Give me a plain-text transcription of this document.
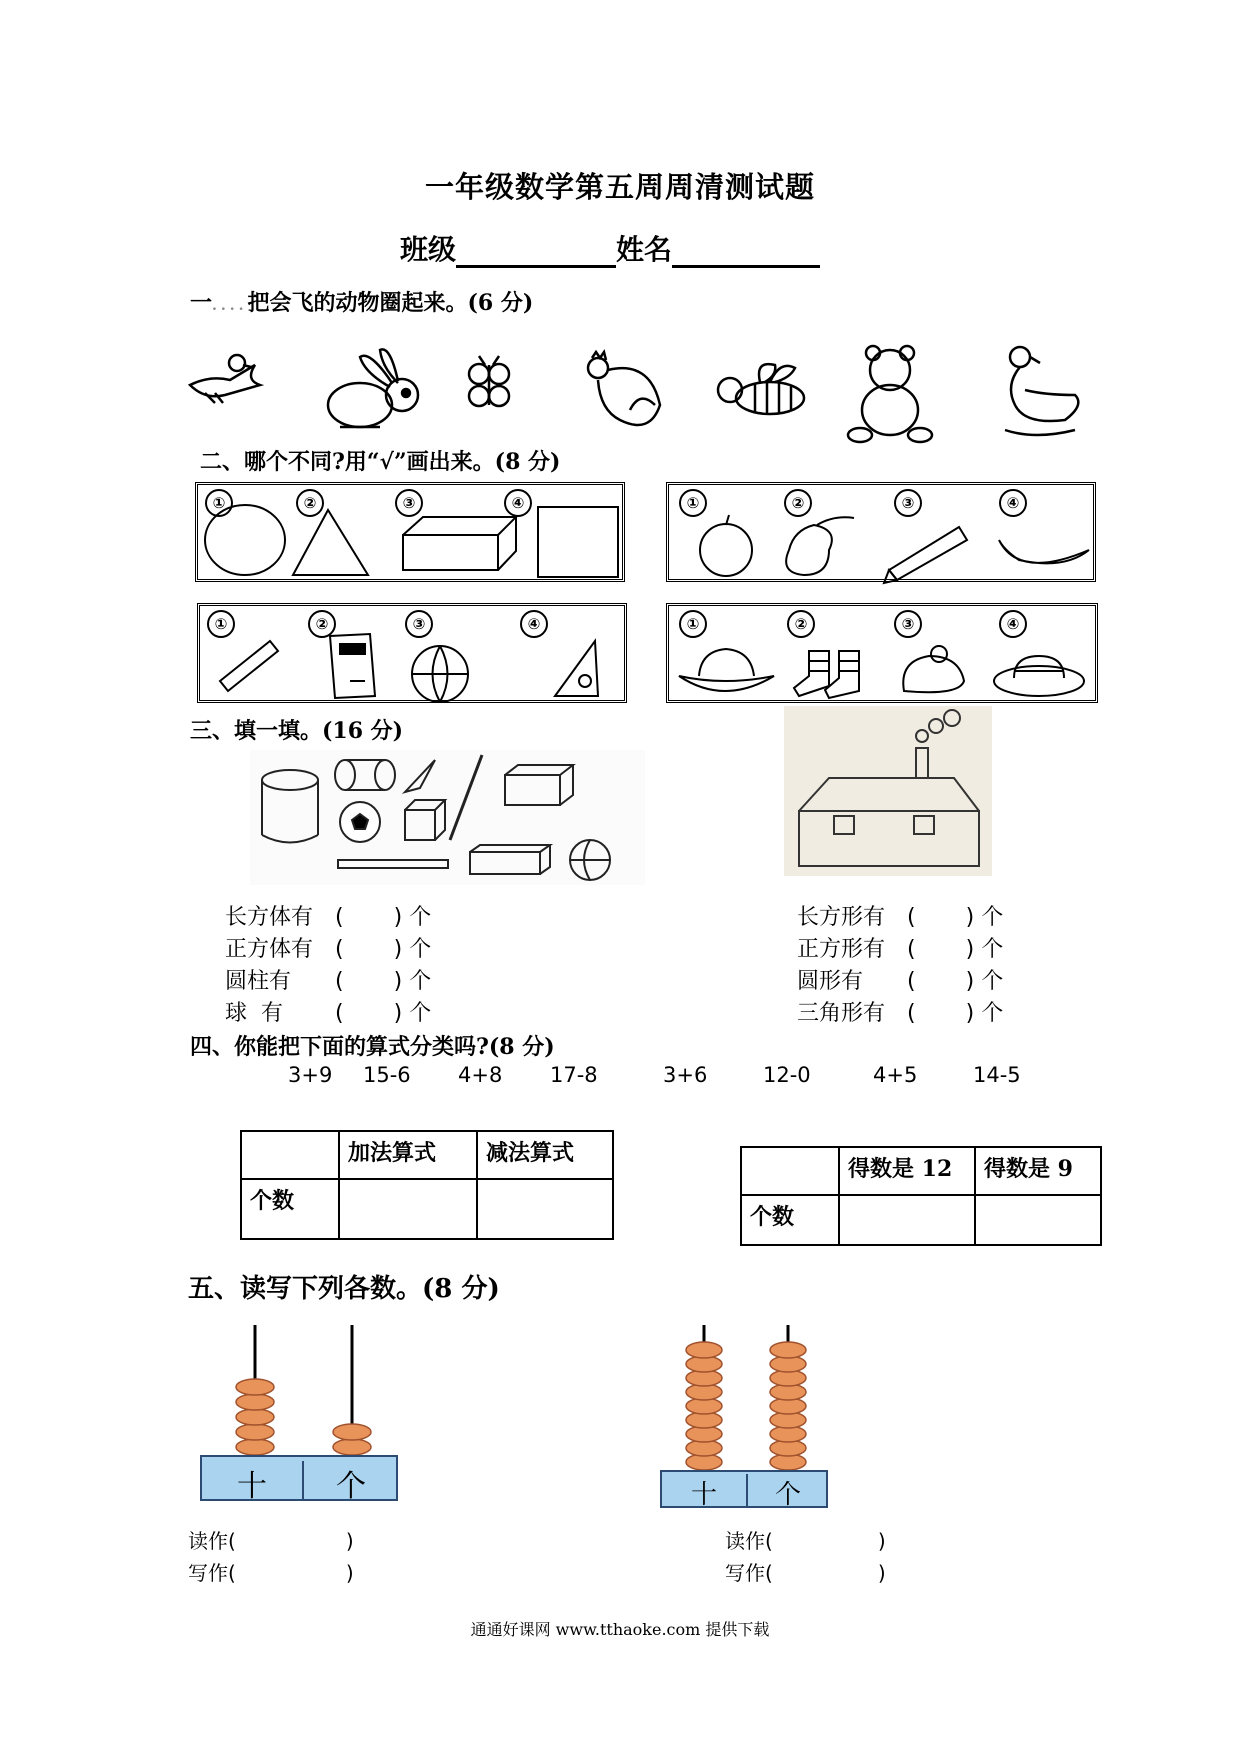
一年级数学第五周周清测试题
班级	姓名
一....把会飞的动物圈起来。(6 分)
二、哪个不同?用“√”画出来。(8 分)
①	②	③	④	①	②	③	④
①	②	③	④	①	②	③	④
三、填一填。(16 分)
长方体有 ( ) 个
正方体有 ( ) 个
圆柱有 ( ) 个
球  有 ( ) 个
长方形有 ( ) 个
正方形有 ( ) 个
圆形有 ( ) 个
三角形有 ( ) 个
四、你能把下面的算式分类吗?(8 分)
3+9 15-6 4+8 17-8	3+6	12-0	4+5	14-5
	加法算式	减法算式
个数		
	得数是 12	得数是 9
个数		
五、读写下列各数。(8 分)
十	个	十	个
读作(	)
写作(	)
读作(	)
写作(	)
通通好课网 www.tthaoke.com 提供下载
